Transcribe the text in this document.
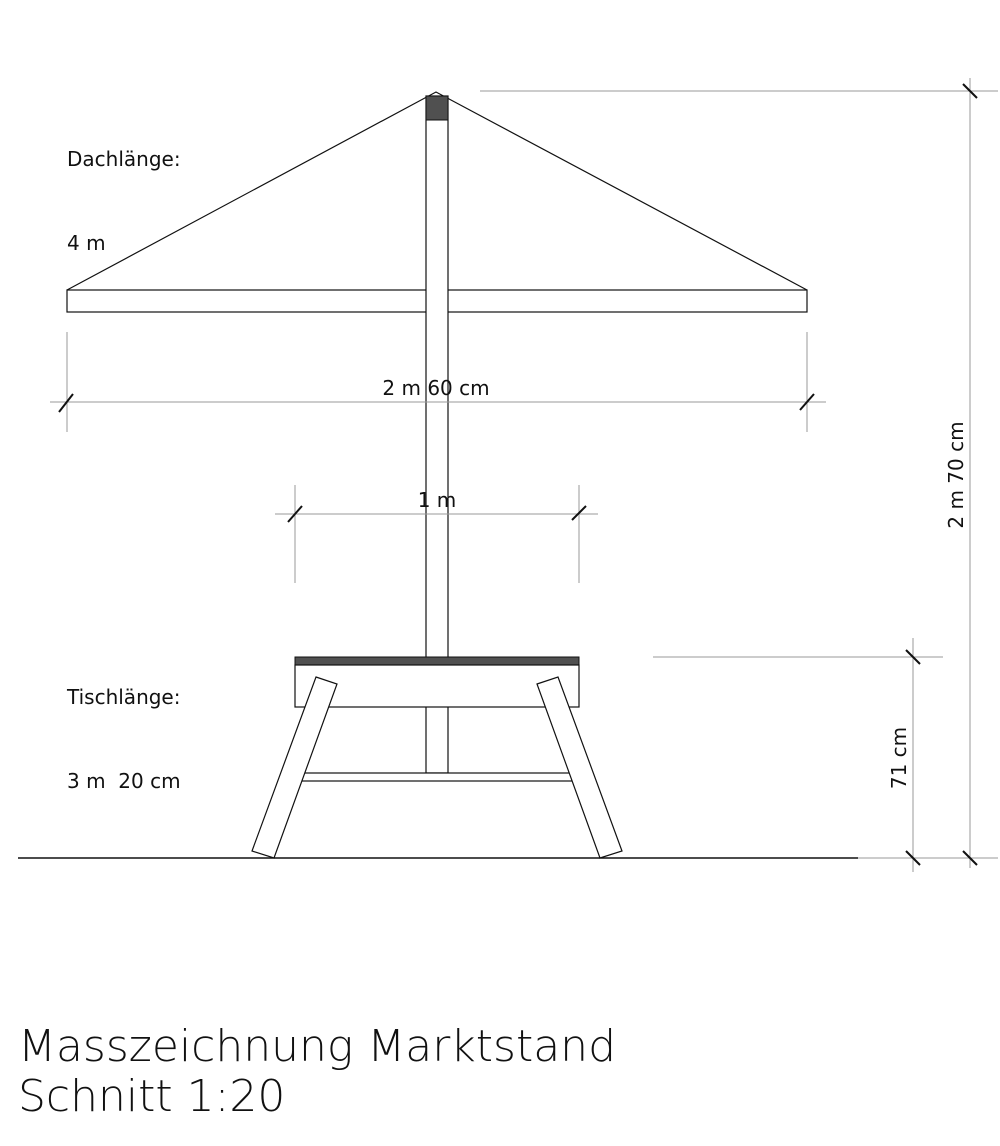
2 m 60 cm
1 m	2 m 70 cm
71 cm

Dachlänge:

4 m

Tischlänge:

3 m  20 cm

Masszeichnung Marktstand
Schnitt 1:20
